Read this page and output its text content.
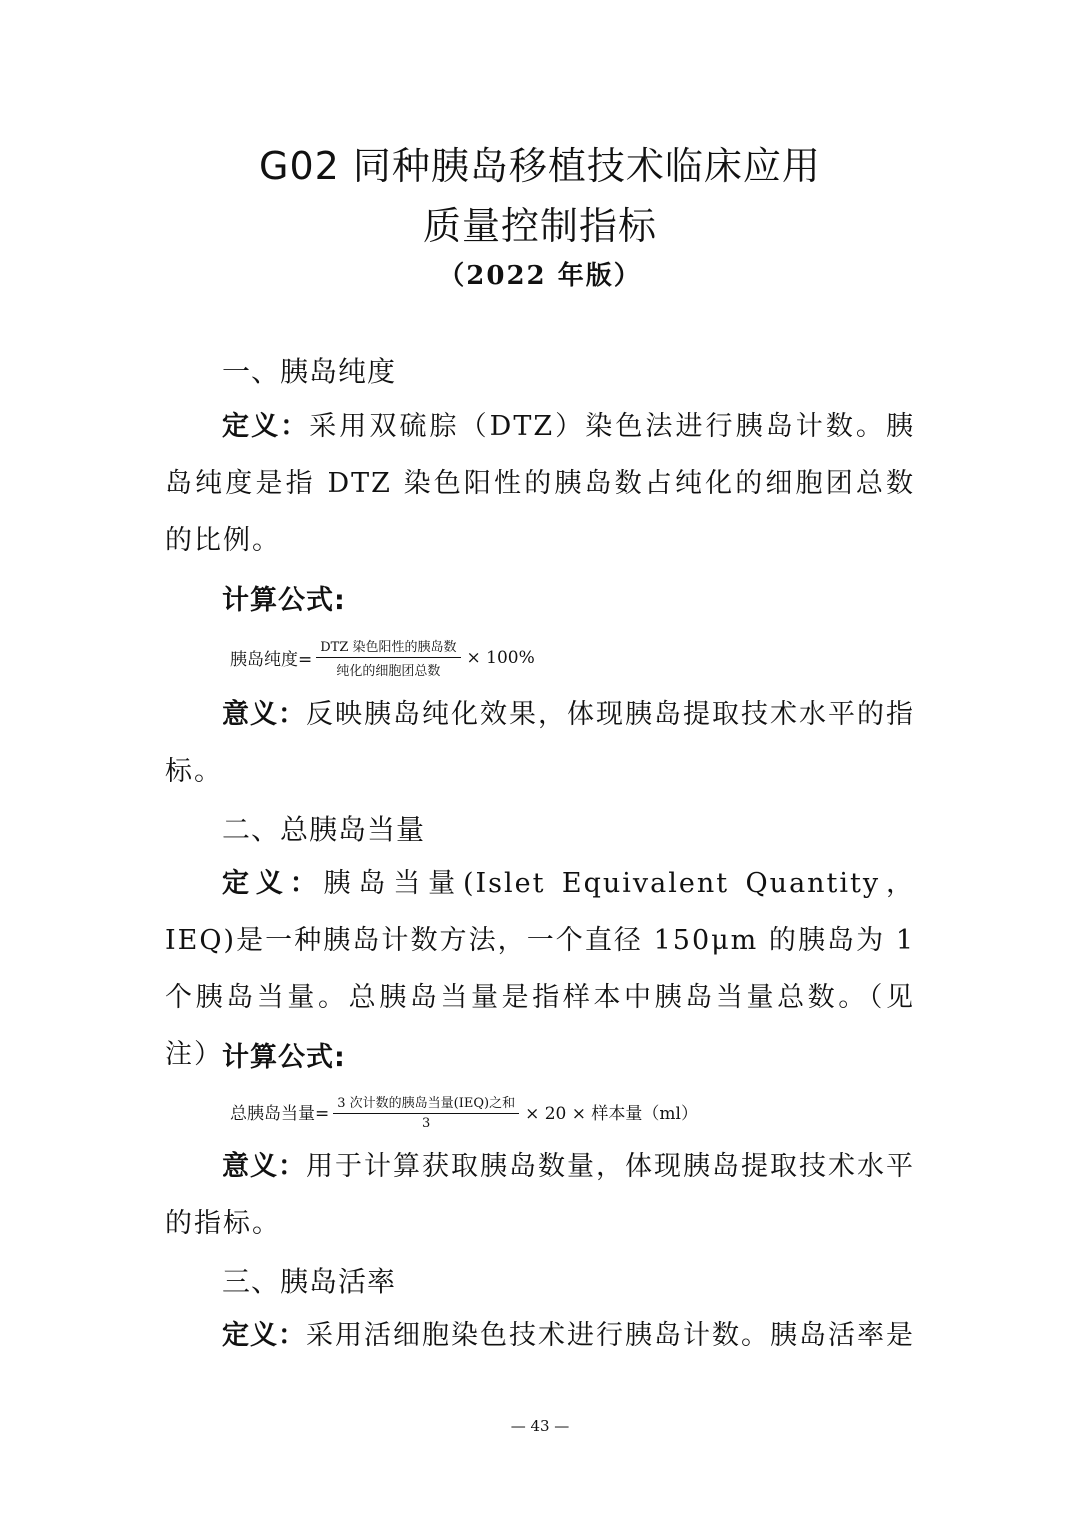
G02 同种胰岛移植技术临床应用
质量控制指标
（2022 年版）
一、胰岛纯度
定义：采用双硫腙（DTZ）染色法进行胰岛计数。胰岛纯度是指 DTZ 染色阳性的胰岛数占纯化的细胞团总数的比例。
计算公式:
胰岛纯度= $\frac{\text{DTZ 染色阳性的胰岛数}}{\text{纯化的细胞团总数}} \times 100\%$
意义：反映胰岛纯化效果，体现胰岛提取技术水平的指标。
二、总胰岛当量
定义：胰岛当量(Islet Equivalent Quantity，IEQ)是一种胰岛计数方法，一个直径 150μm 的胰岛为 1 个胰岛当量。总胰岛当量是指样本中胰岛当量总数。（见注） 计算公式:
总胰岛当量= $\frac{\text{3 次计数的胰岛当量(IEQ)之和}}{3} \times 20$ × 样本量（ml）
意义：用于计算获取胰岛数量，体现胰岛提取技术水平的指标。
三、胰岛活率
定义：采用活细胞染色技术进行胰岛计数。胰岛活率是
— 43 —
